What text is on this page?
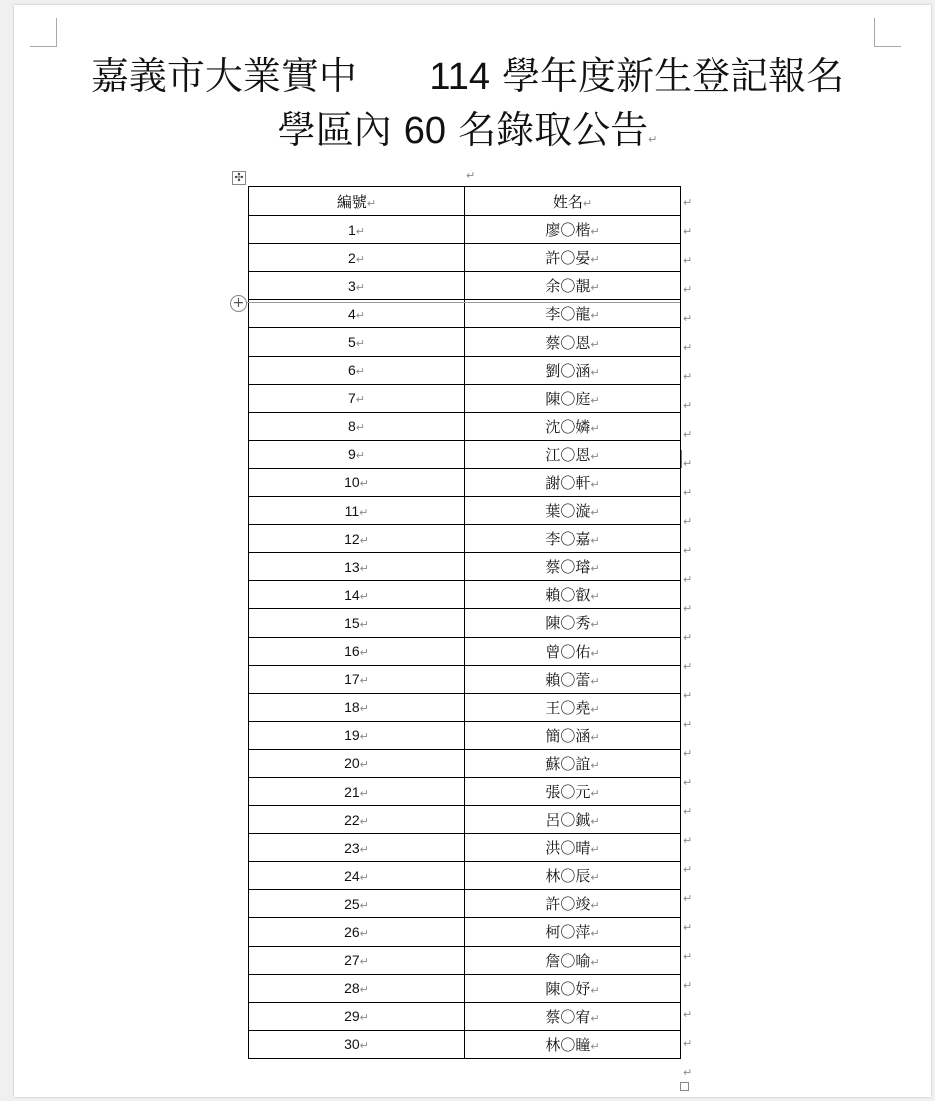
嘉義市大業實中 114 學年度新生登記報名
學區內 60 名錄取公告↵
✣	↵
編號↵	姓名↵
1↵	廖〇楷↵
2↵	許〇晏↵
3↵	余〇靚↵
4↵	李〇龍↵
5↵	蔡〇恩↵
6↵	劉〇涵↵
7↵	陳〇庭↵
8↵	沈〇嫾↵
9↵	江〇恩↵
10↵	謝〇軒↵
11↵	葉〇漩↵
12↵	李〇嘉↵
13↵	蔡〇璿↵
14↵	賴〇叡↵
15↵	陳〇秀↵
16↵	曾〇佑↵
17↵	賴〇蕾↵
18↵	王〇堯↵
19↵	簡〇涵↵
20↵	蘇〇誼↵
21↵	張〇元↵
22↵	呂〇鋮↵
23↵	洪〇晴↵
24↵	林〇辰↵
25↵	許〇竣↵
26↵	柯〇萍↵
27↵	詹〇喻↵
28↵	陳〇妤↵
29↵	蔡〇宥↵
30↵	林〇瞳↵
↵
↵
↵
↵
↵
↵
↵
↵
↵
↵
↵
↵
↵
↵
↵
↵
↵
↵
↵
↵
↵
↵
↵
↵
↵
↵
↵
↵
↵
↵
↵
+
